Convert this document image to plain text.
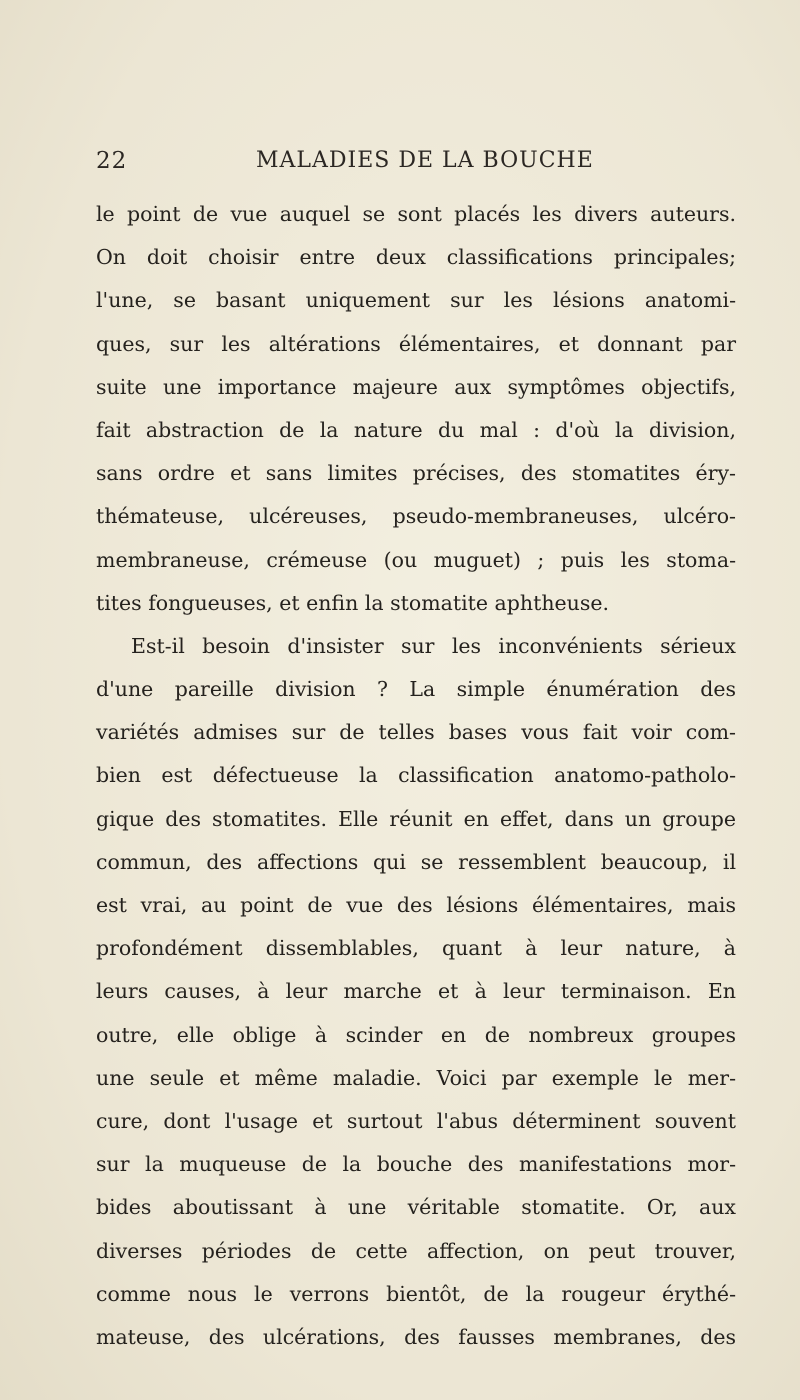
22	MALADIES DE LA BOUCHE
le point de vue auquel se sont placés les divers auteurs.
On doit choisir entre deux classifications principales;
l'une, se basant uniquement sur les lésions anatomi-
ques, sur les altérations élémentaires, et donnant par
suite une importance majeure aux symptômes objectifs,
fait abstraction de la nature du mal : d'où la division,
sans ordre et sans limites précises, des stomatites éry-
thémateuse, ulcéreuses, pseudo-membraneuses, ulcéro-
membraneuse, crémeuse (ou muguet) ; puis les stoma-
tites fongueuses, et enfin la stomatite aphtheuse.
Est-il besoin d'insister sur les inconvénients sérieux
d'une pareille division ? La simple énumération des
variétés admises sur de telles bases vous fait voir com-
bien est défectueuse la classification anatomo-patholo-
gique des stomatites. Elle réunit en effet, dans un groupe
commun, des affections qui se ressemblent beaucoup, il
est vrai, au point de vue des lésions élémentaires, mais
profondément dissemblables, quant à leur nature, à
leurs causes, à leur marche et à leur terminaison. En
outre, elle oblige à scinder en de nombreux groupes
une seule et même maladie. Voici par exemple le mer-
cure, dont l'usage et surtout l'abus déterminent souvent
sur la muqueuse de la bouche des manifestations mor-
bides aboutissant à une véritable stomatite. Or, aux
diverses périodes de cette affection, on peut trouver,
comme nous le verrons bientôt, de la rougeur érythé-
mateuse, des ulcérations, des fausses membranes, des
